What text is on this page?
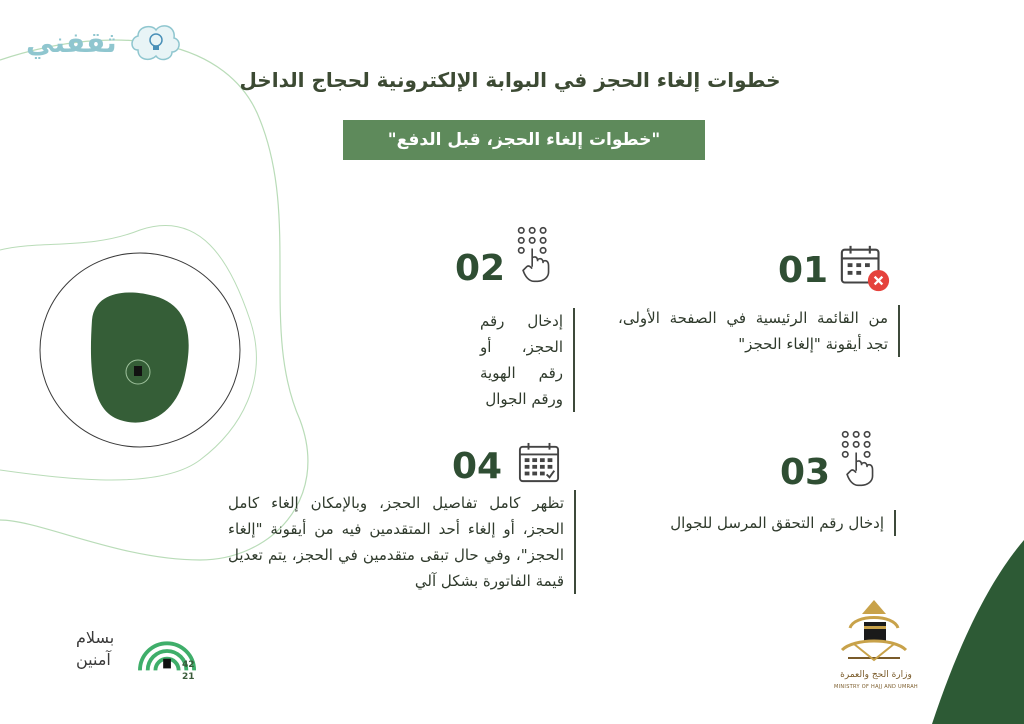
ثقفني
خطوات إلغاء الحجز في البوابة الإلكترونية لحجاج الداخل
"خطوات إلغاء الحجز، قبل الدفع"
01
من القائمة الرئيسية في الصفحة الأولى، تجد أيقونة "إلغاء الحجز"
02
إدخال رقم الحجز، أو رقم الهوية ورقم الجوال
03
إدخال رقم التحقق المرسل للجوال
04
تظهر كامل تفاصيل الحجز، وبالإمكان إلغاء كامل الحجز، أو إلغاء أحد المتقدمين فيه من أيقونة "إلغاء الحجز"، وفي حال تبقى متقدمين في الحجز، يتم تعديل قيمة الفاتورة بشكل آلي
وزارة الحج والعمرة
MINISTRY OF HAJJ AND UMRAH
بسلام
آمنين	42
21
